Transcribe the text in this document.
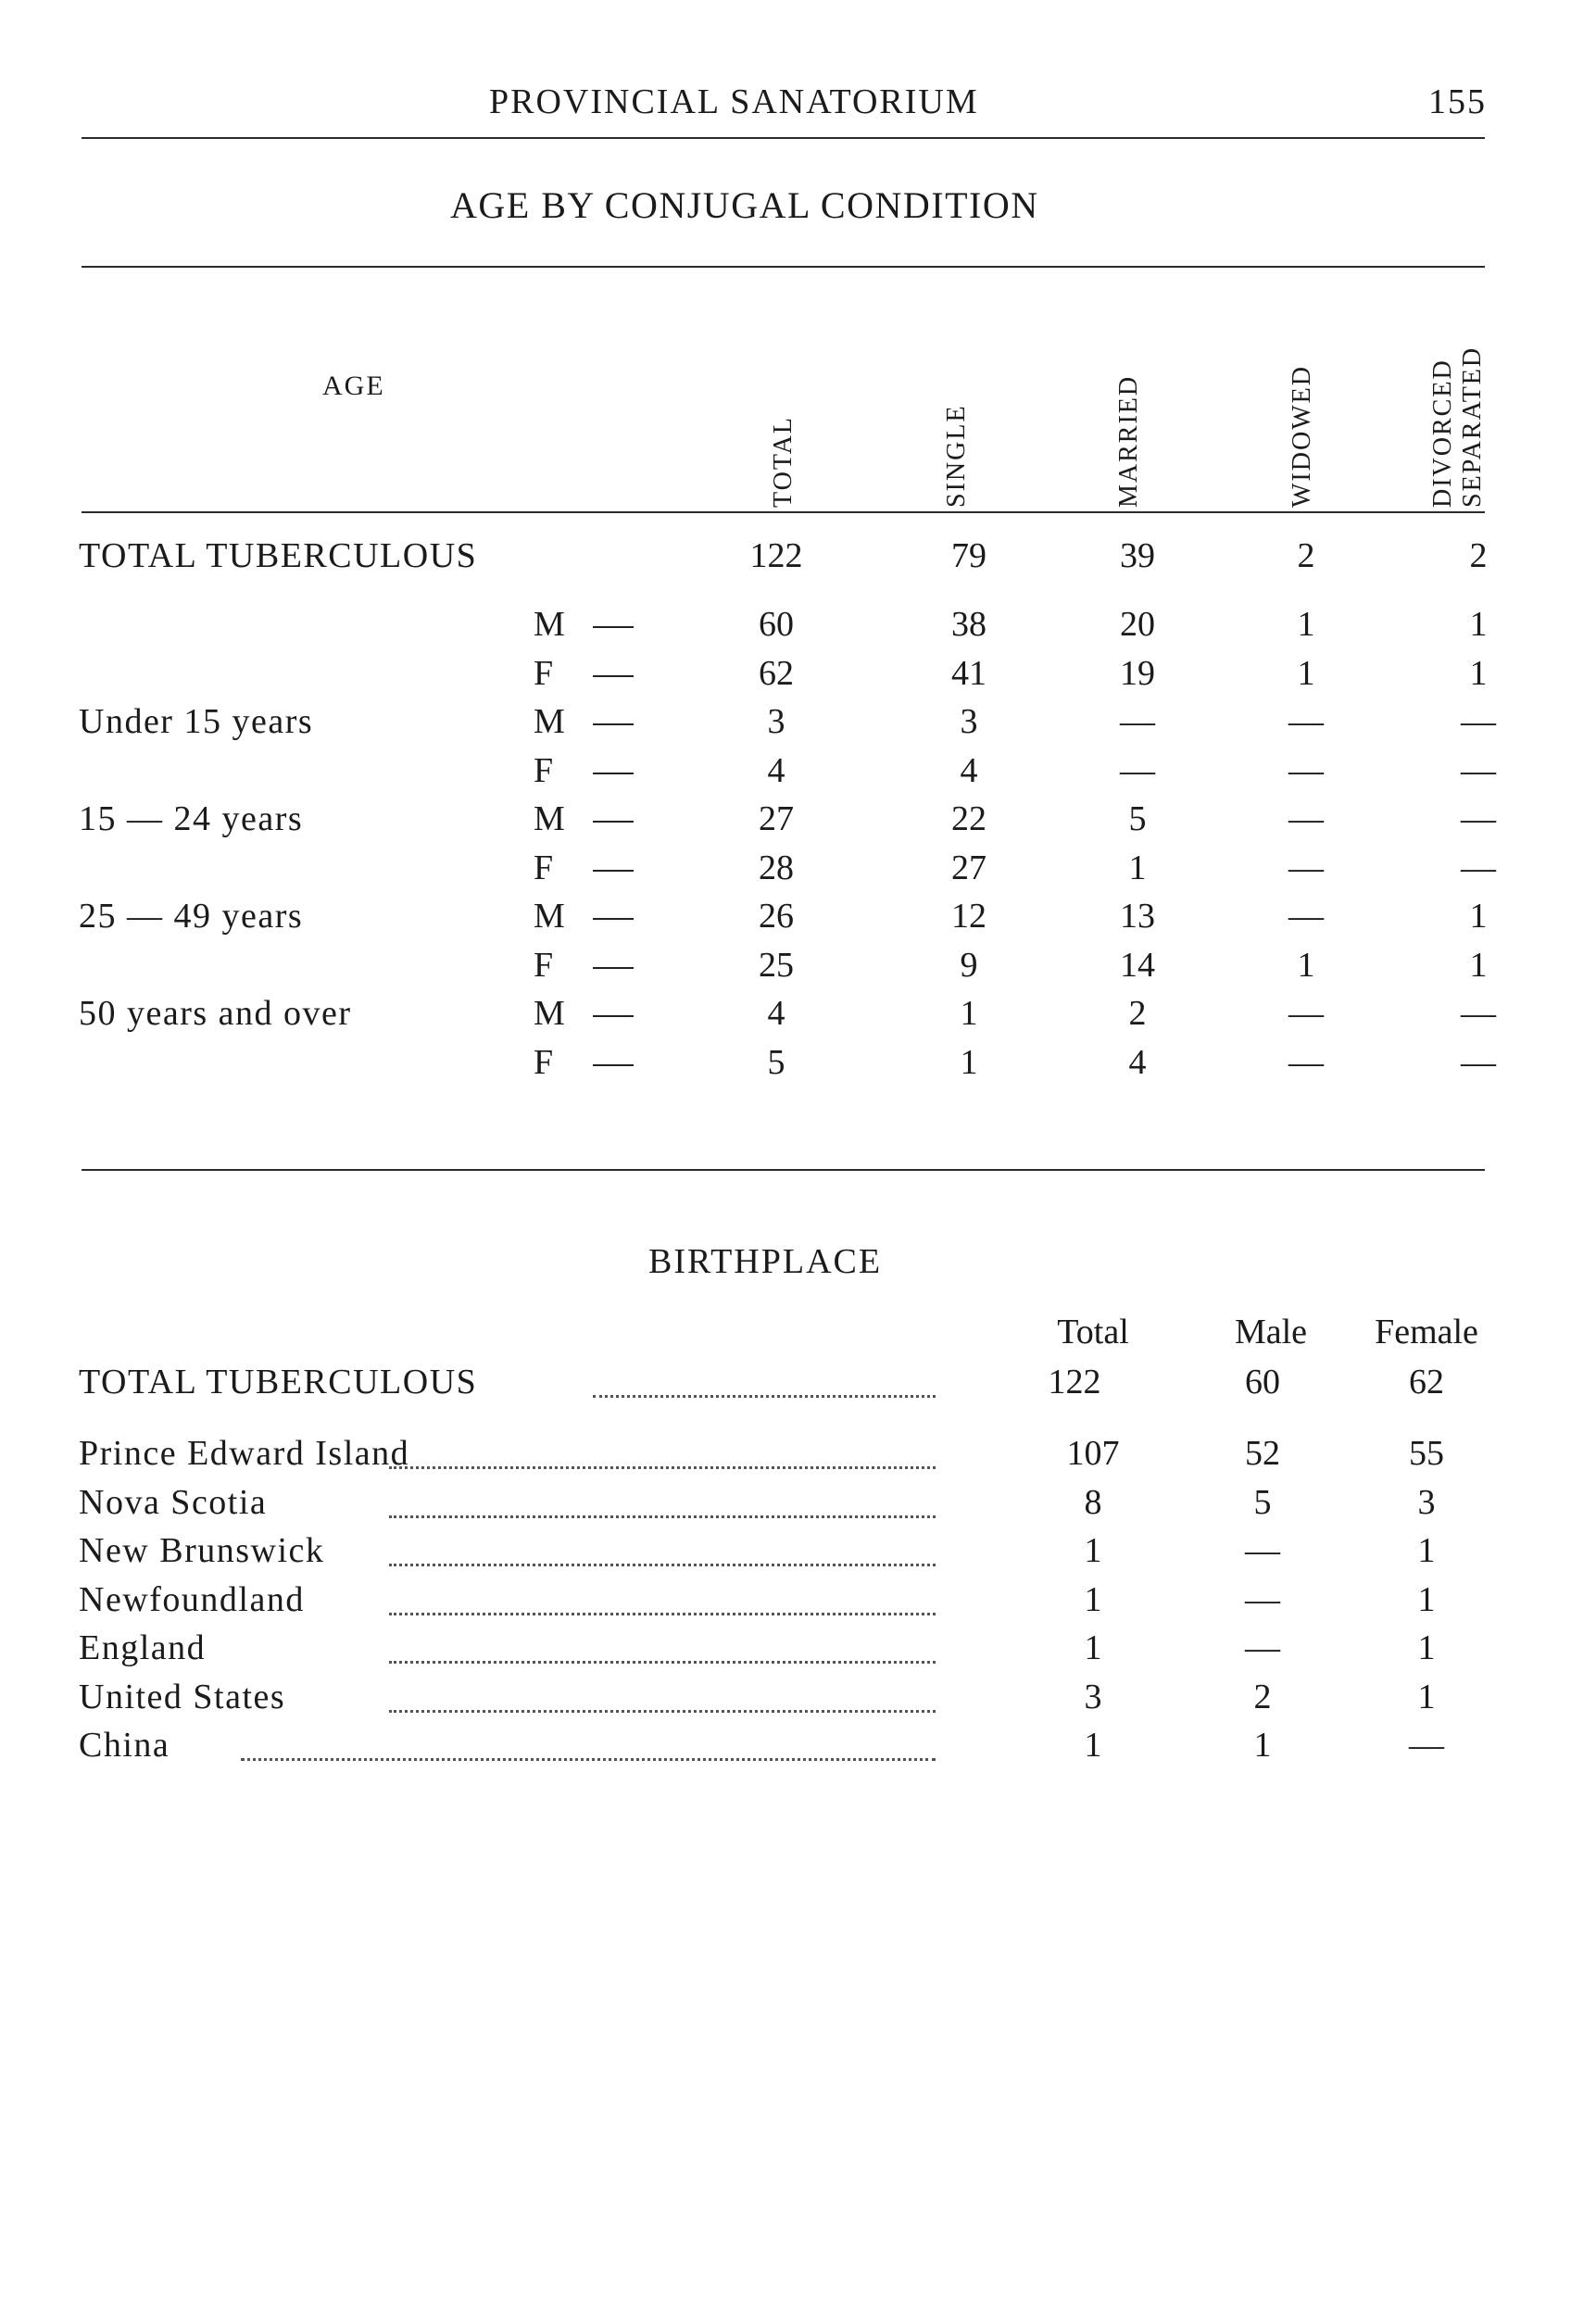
PROVINCIAL SANATORIUM	155
AGE BY CONJUGAL CONDITION
AGE
TOTAL	SINGLE	MARRIED	WIDOWED	DIVORCED SEPARATED
TOTAL TUBERCULOUS	122	79	39	2	2
M	60	38	20	1	1
F	62	41	19	1	1
Under 15 years	M	3	3	—	—	—
F	4	4	—	—	—
15 — 24 years	M	27	22	5	—	—
F	28	27	1	—	—
25 — 49 years	M	26	12	13	—	1
F	25	9	14	1	1
50 years and over	M	4	1	2	—	—
F	5	1	4	—	—
BIRTHPLACE
Total	Male	Female
TOTAL TUBERCULOUS	122	60	62
Prince Edward Island	107	52	55
Nova Scotia	8	5	3
New Brunswick	1	—	1
Newfoundland	1	—	1
England	1	—	1
United States	3	2	1
China	1	1	—
